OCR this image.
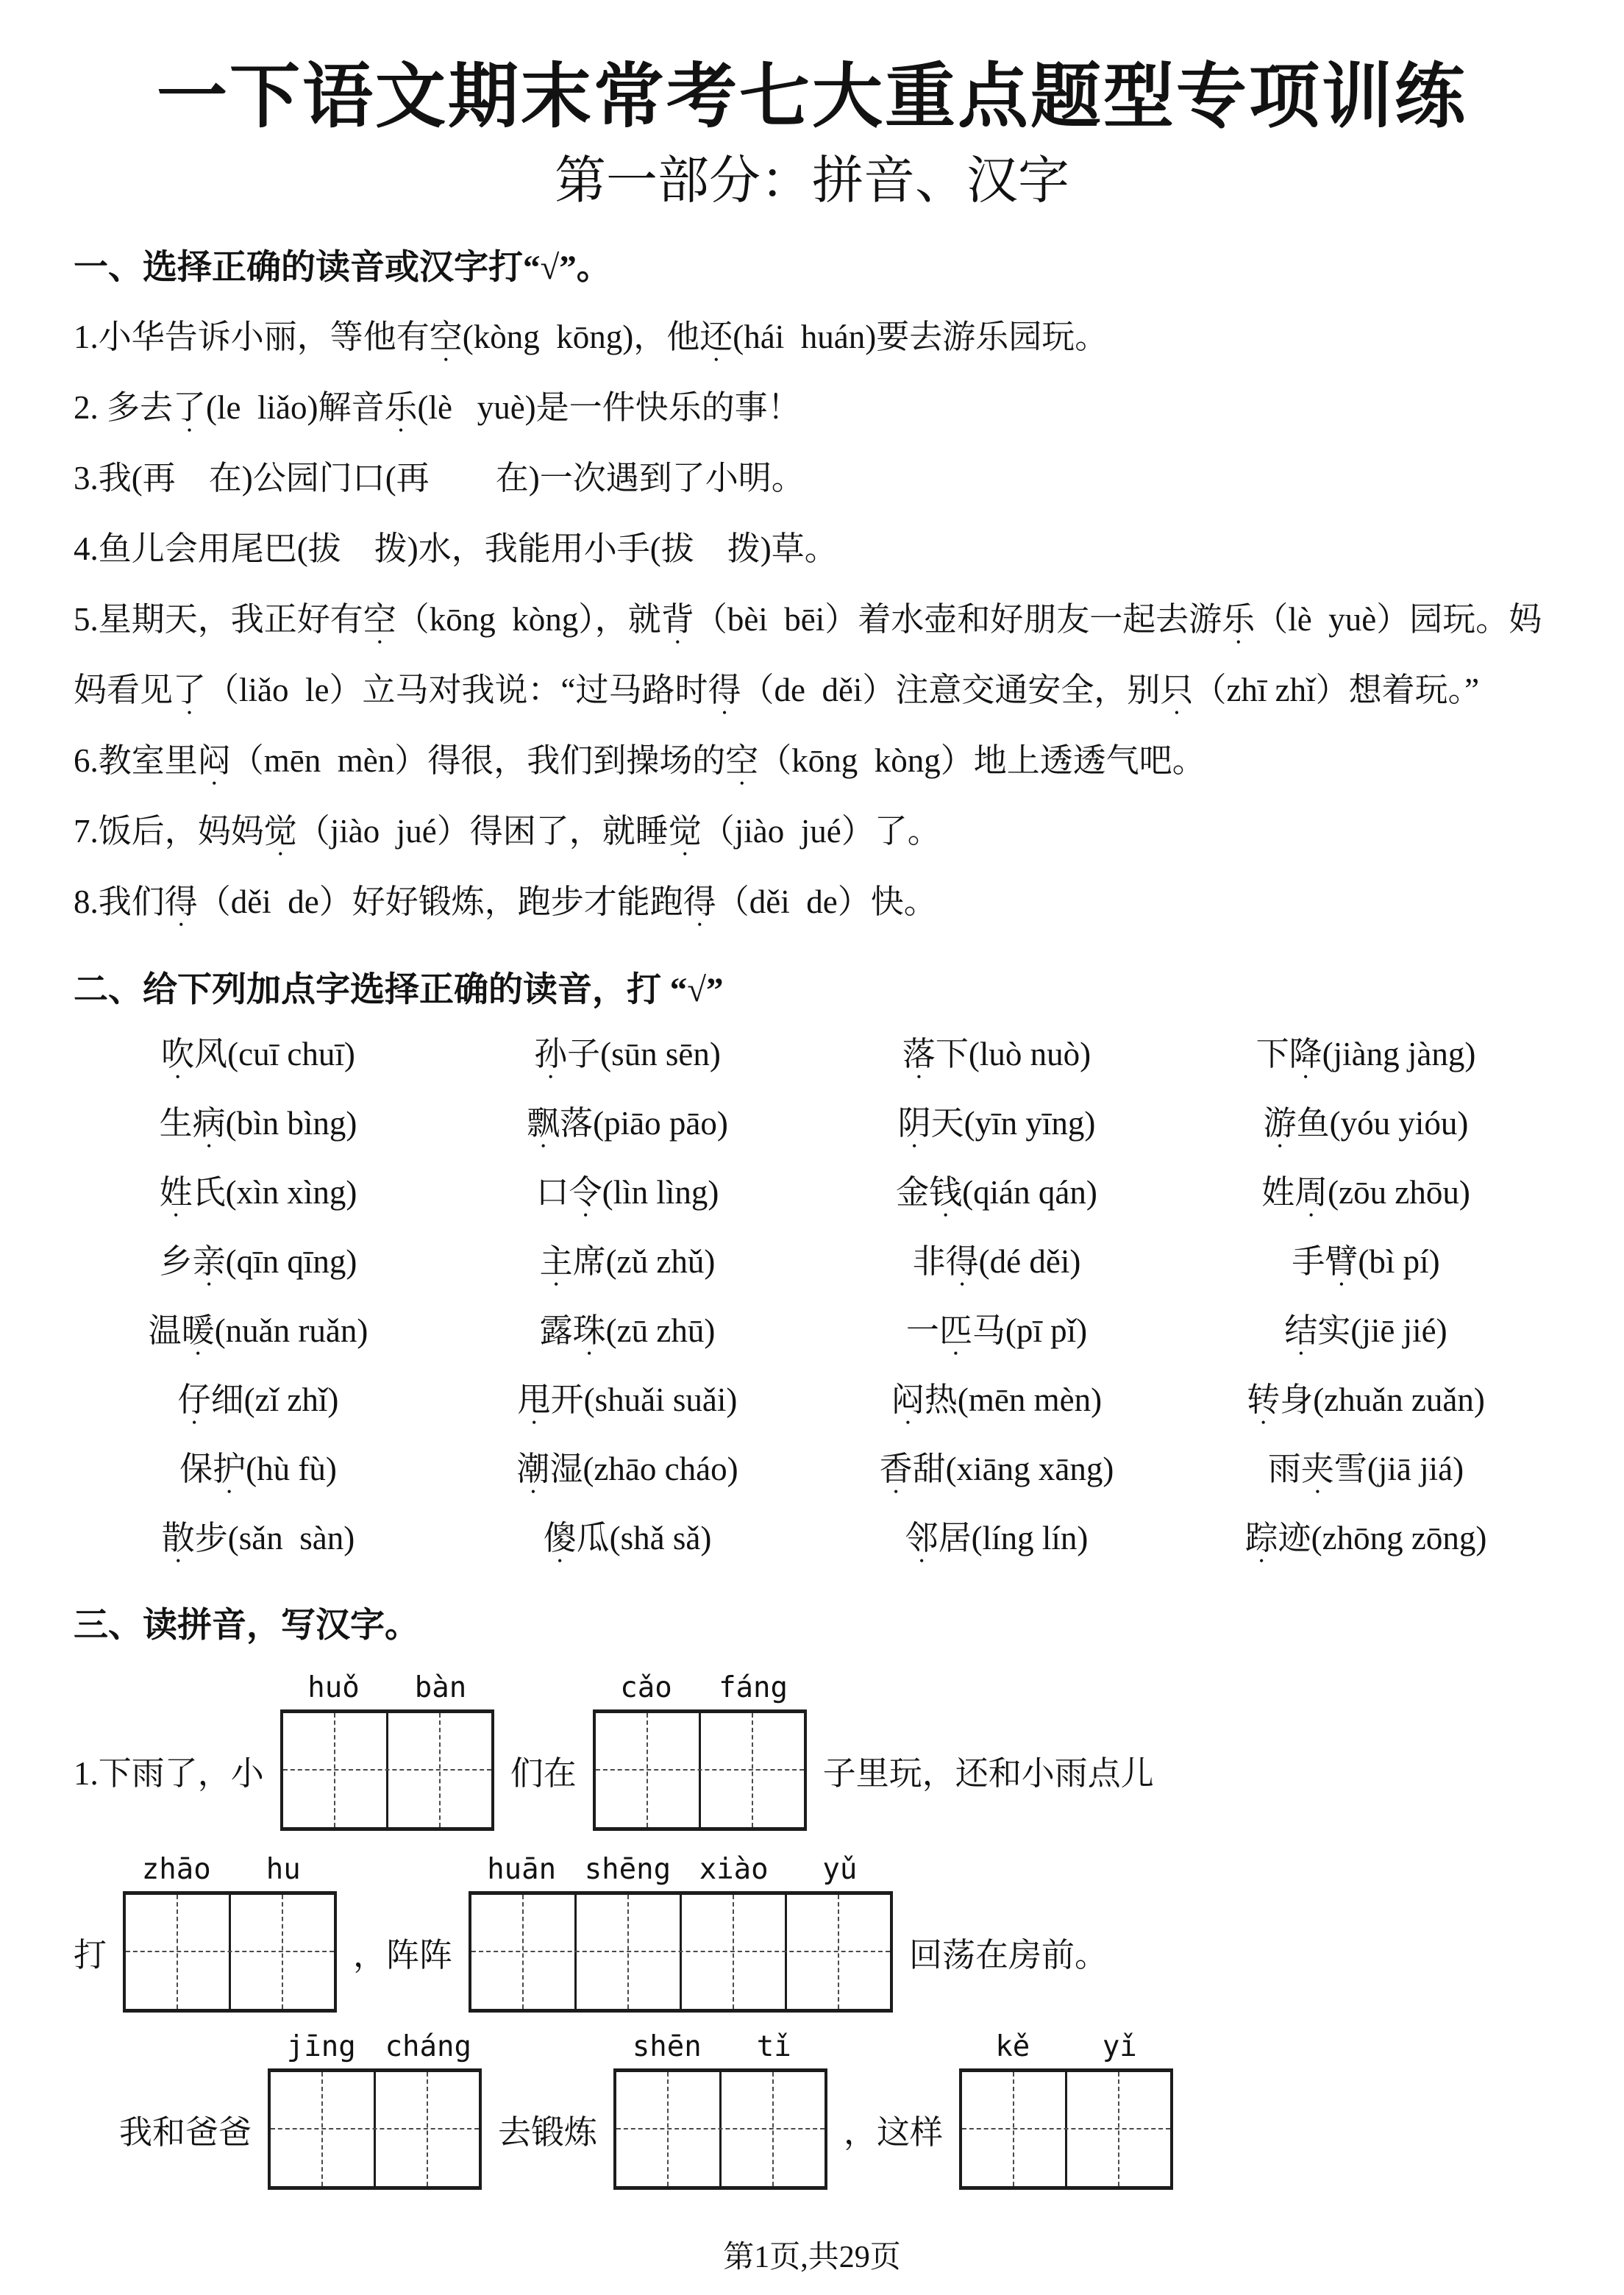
一下语文期末常考七大重点题型专项训练
第一部分：拼音、汉字
一、选择正确的读音或汉字打“√”。
1.小华告诉小丽，等他有空(kòng  kōng)，他还(hái  huán)要去游乐园玩。
2. 多去了(le  liǎo)解音乐(lè   yuè)是一件快乐的事！
3.我(再　在)公园门口(再　　在)一次遇到了小明。
4.鱼儿会用尾巴(拔　拨)水，我能用小手(拔　拨)草。
5.星期天，我正好有空（kōng  kòng），就背（bèi  bēi）着水壶和好朋友一起去游乐（lè  yuè）园玩。妈妈看见了（liǎo  le）立马对我说：“过马路时得（de  děi）注意交通安全，别只（zhī zhǐ）想着玩。”
6.教室里闷（mēn  mèn）得很，我们到操场的空（kōng  kòng）地上透透气吧。
7.饭后，妈妈觉（jiào  jué）得困了，就睡觉（jiào  jué）了。
8.我们得（děi  de）好好锻炼，跑步才能跑得（děi  de）快。
二、给下列加点字选择正确的读音，打 “√”
吹风(cuī chuī)	孙子(sūn sēn)	落下(luò nuò)	下降(jiàng jàng)
生病(bìn bìng)	飘落(piāo pāo)	阴天(yīn yīng)	游鱼(yóu yióu)
姓氏(xìn xìng)	口令(lìn lìng)	金钱(qián qán)	姓周(zōu zhōu)
乡亲(qīn qīng)	主席(zǔ zhǔ)	非得(dé děi)	手臂(bì pí)
温暖(nuǎn ruǎn)	露珠(zū zhū)	一匹马(pī pǐ)	结实(jiē jié)
仔细(zǐ zhǐ)	甩开(shuǎi suǎi)	闷热(mēn mèn)	转身(zhuǎn zuǎn)
保护(hù fù)	潮湿(zhāo cháo)	香甜(xiāng xāng)	雨夹雪(jiā jiá)
散步(sǎn  sàn)	傻瓜(shǎ sǎ)	邻居(líng lín)	踪迹(zhōng zōng)
三、读拼音，写汉字。
1.下雨了，小
huǒ	bàn
们在
cǎo	fáng
子里玩，还和小雨点儿
打
zhāo	hu
，阵阵
huān shēng xiào	yǔ
回荡在房前。
我和爸爸
jīng	cháng
去锻炼
shēn	tǐ
，这样
kě	yǐ
第1页,共29页
